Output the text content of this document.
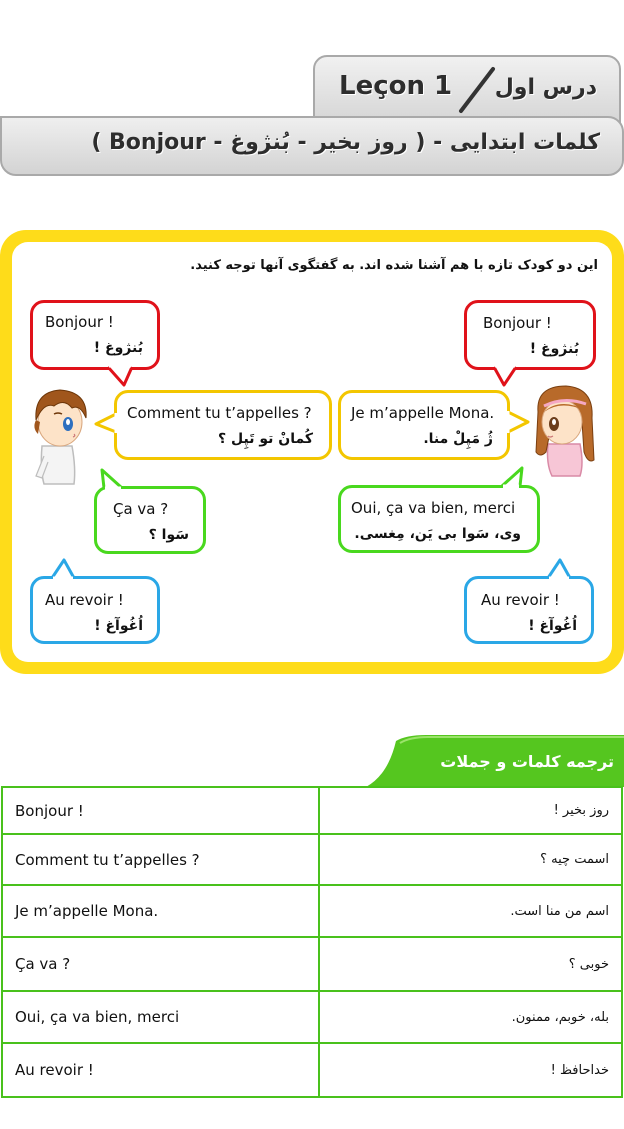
Leçon 1 درس اول
کلمات ابتدایی - ( روز بخیر - بُنژوغ - Bonjour )
این دو کودک تازه با هم آشنا شده اند. به گفتگوی آنها توجه کنید.
Bonjour !
بُنژوغ !
Comment tu t’appelles ?
کُمانْ تو تَپِل ؟
Ça va ?
سَوا ؟
Au revoir !
اُغُوآغ !
Bonjour !
بُنژوغ !
Je m’appelle Mona.
ژُ مَپِلْ منا.
Oui, ça va bien, merci
وی، سَوا بی یَن، مِغسی.
Au revoir !
اُغُوآغ !
ترجمه کلمات و جملات
Bonjour !	روز بخیر !
Comment tu t’appelles ?	اسمت چیه ؟
Je m’appelle Mona.	اسم من منا است.
Ça va ?	خوبی ؟
Oui, ça va bien, merci	بله، خوبم، ممنون.
Au revoir !	خداحافظ !
